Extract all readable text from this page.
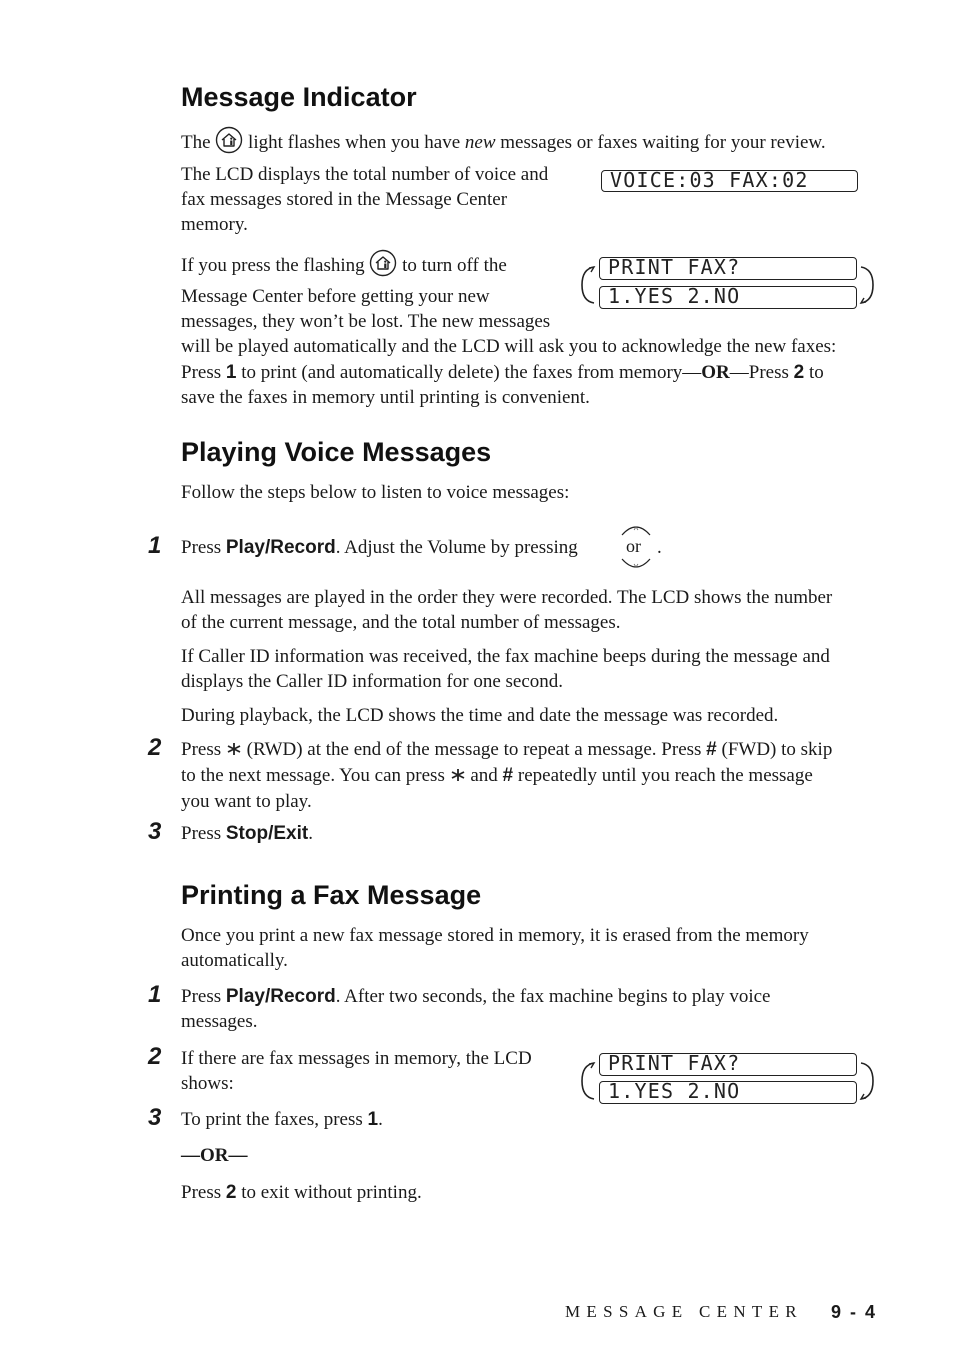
Message Indicator

The light flashes when you have new messages or faxes waiting for your review.

The LCD displays the total number of voice and
fax messages stored in the Message Center
memory.

VOICE:03 FAX:02

If you press the flashing to turn off the
Message Center before getting your new
messages, they won’t be lost. The new messages
will be played automatically and the LCD will ask you to acknowledge the new faxes:

PRINT FAX?
1.YES 2.NO

Press 1 to print (and automatically delete) the faxes from memory—OR—Press 2 to
save the faxes in memory until printing is convenient.

Playing Voice Messages

Follow the steps below to listen to voice messages:

1 Press Play/Record. Adjust the Volume by pressing	or .

All messages are played in the order they were recorded. The LCD shows the number
of the current message, and the total number of messages.

If Caller ID information was received, the fax machine beeps during the message and
displays the Caller ID information for one second.

During playback, the LCD shows the time and date the message was recorded.

2 Press (RWD) at the end of the message to repeat a message. Press # (FWD) to skip
to the next message. You can press and # repeatedly until you reach the message
you want to play.

3 Press Stop/Exit.

Printing a Fax Message

Once you print a new fax message stored in memory, it is erased from the memory
automatically.

1 Press Play/Record. After two seconds, the fax machine begins to play voice
messages.

2 If there are fax messages in memory, the LCD
shows:

PRINT FAX?
1.YES 2.NO
3 To print the faxes, press 1.

—OR—

Press 2 to exit without printing.

MESSAGE CENTER 9 - 4
